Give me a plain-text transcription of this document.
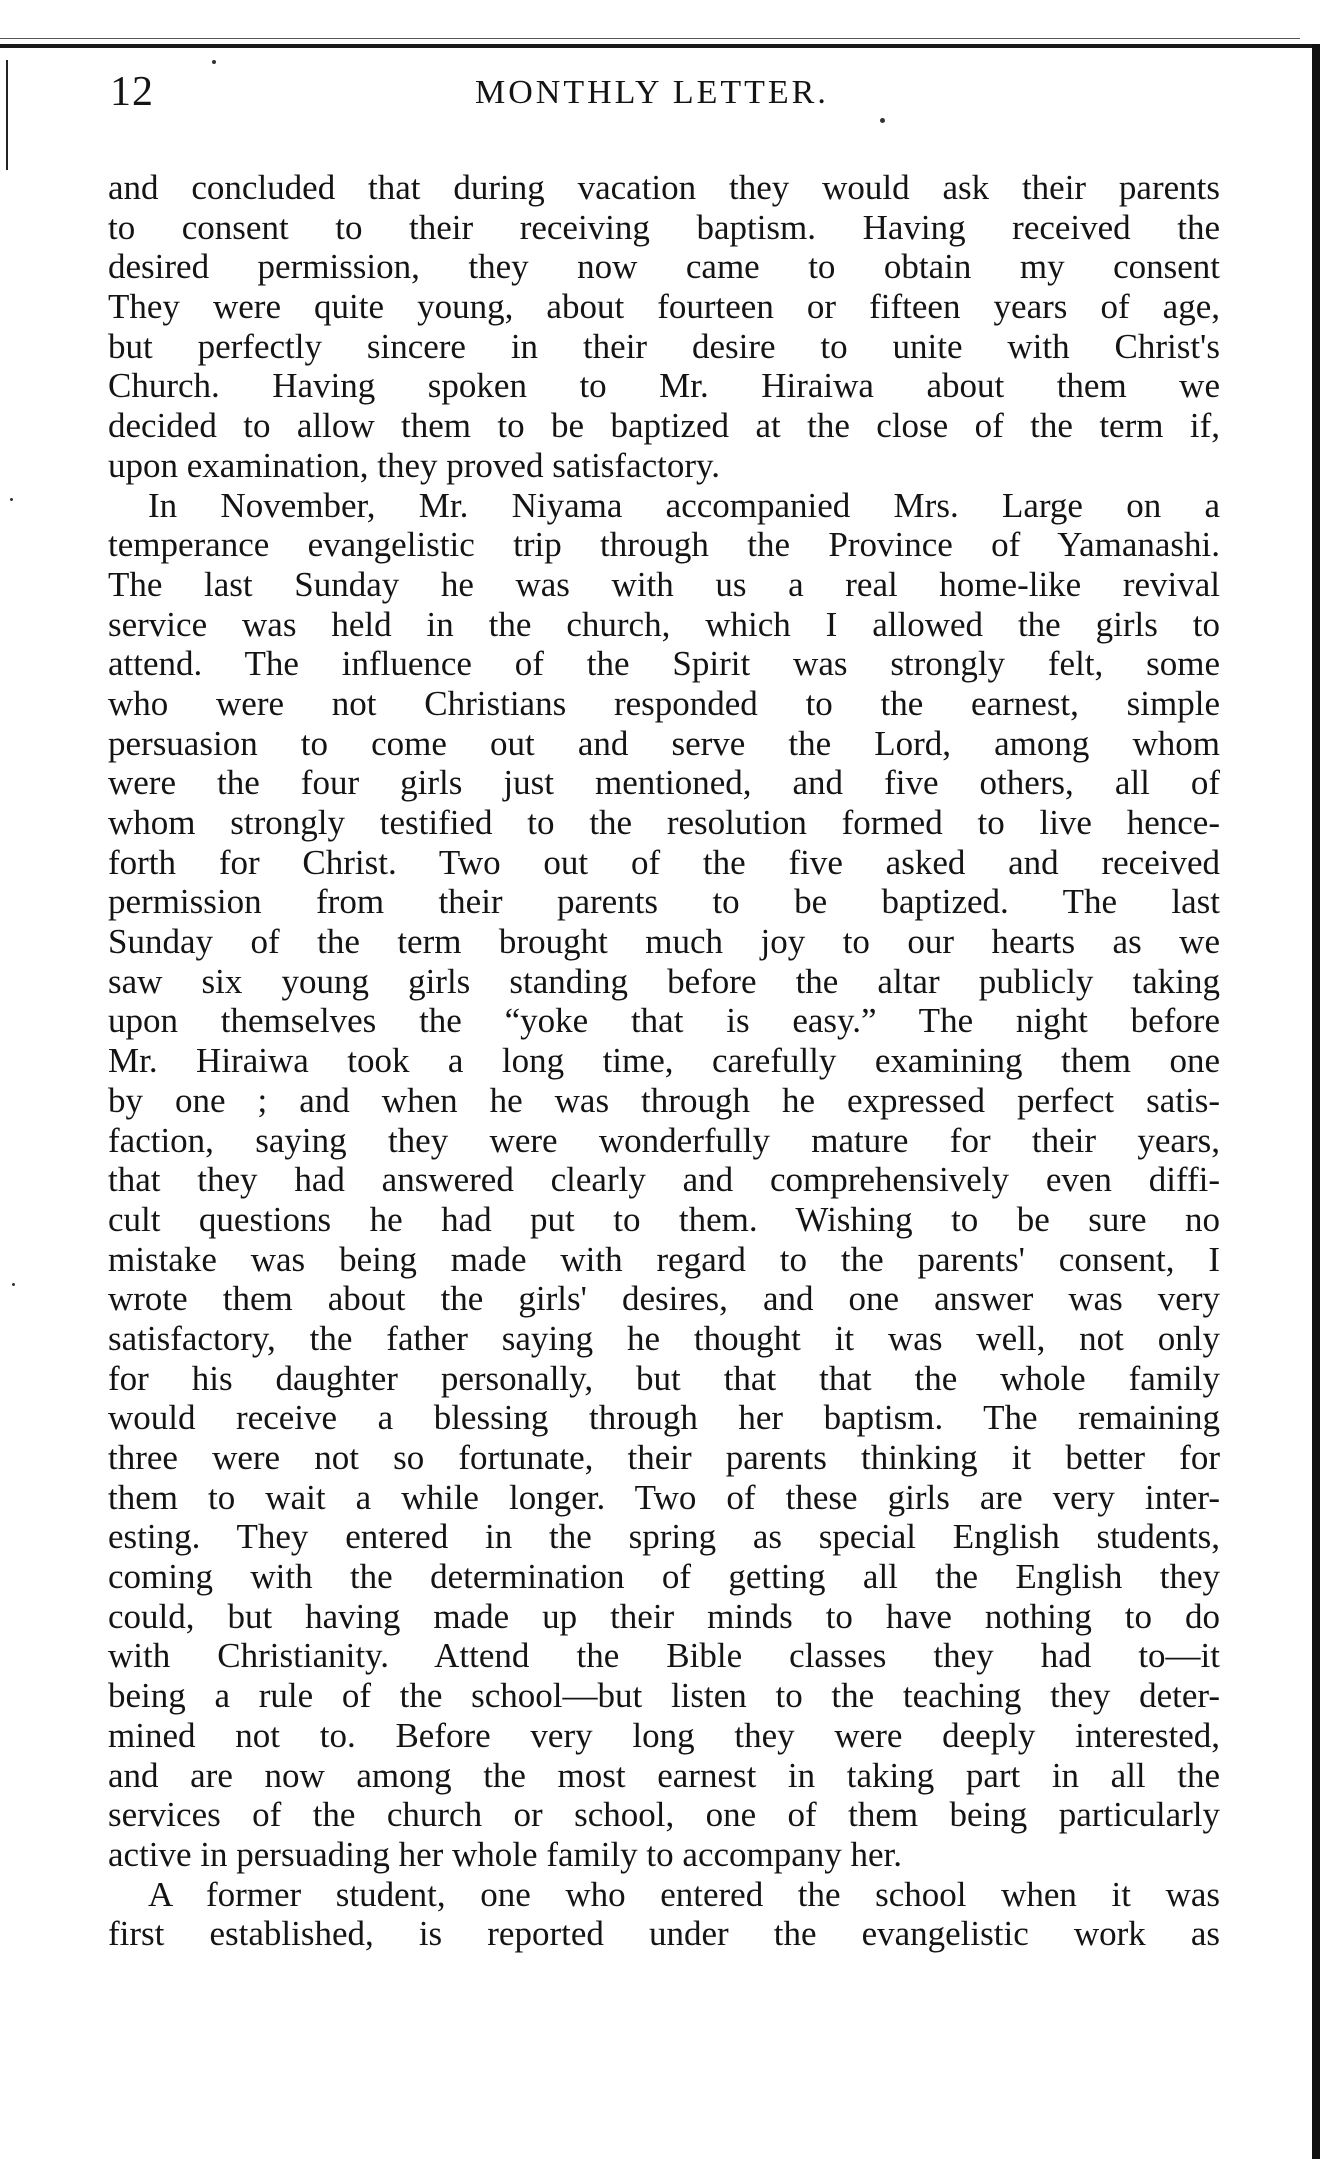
12	MONTHLY LETTER.
and concluded that during vacation they would ask their parents
to consent to their receiving baptism. Having received the
desired permission, they now came to obtain my consent
They were quite young, about fourteen or fifteen years of age,
but perfectly sincere in their desire to unite with Christ's
Church. Having spoken to Mr. Hiraiwa about them we
decided to allow them to be baptized at the close of the term if,
upon examination, they proved satisfactory.
In November, Mr. Niyama accompanied Mrs. Large on a
temperance evangelistic trip through the Province of Yamanashi.
The last Sunday he was with us a real home-like revival
service was held in the church, which I allowed the girls to
attend. The influence of the Spirit was strongly felt, some
who were not Christians responded to the earnest, simple
persuasion to come out and serve the Lord, among whom
were the four girls just mentioned, and five others, all of
whom strongly testified to the resolution formed to live hence-
forth for Christ. Two out of the five asked and received
permission from their parents to be baptized. The last
Sunday of the term brought much joy to our hearts as we
saw six young girls standing before the altar publicly taking
upon themselves the “yoke that is easy.” The night before
Mr. Hiraiwa took a long time, carefully examining them one
by one ; and when he was through he expressed perfect satis-
faction, saying they were wonderfully mature for their years,
that they had answered clearly and comprehensively even diffi-
cult questions he had put to them. Wishing to be sure no
mistake was being made with regard to the parents' consent, I
wrote them about the girls' desires, and one answer was very
satisfactory, the father saying he thought it was well, not only
for his daughter personally, but that that the whole family
would receive a blessing through her baptism. The remaining
three were not so fortunate, their parents thinking it better for
them to wait a while longer. Two of these girls are very inter-
esting. They entered in the spring as special English students,
coming with the determination of getting all the English they
could, but having made up their minds to have nothing to do
with Christianity. Attend the Bible classes they had to—it
being a rule of the school—but listen to the teaching they deter-
mined not to. Before very long they were deeply interested,
and are now among the most earnest in taking part in all the
services of the church or school, one of them being particularly
active in persuading her whole family to accompany her.
A former student, one who entered the school when it was
first established, is reported under the evangelistic work as
